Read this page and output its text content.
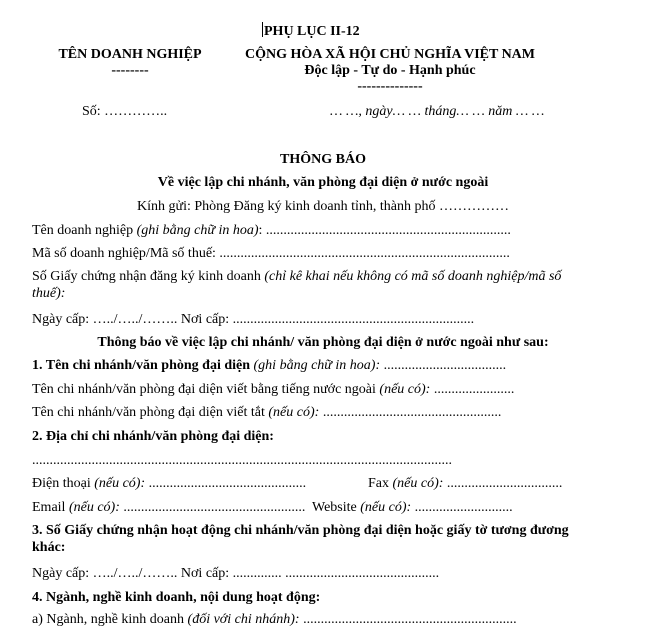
PHỤ LỤC II-12
TÊN DOANH NGHIỆP
--------
CỘNG HÒA XÃ HỘI CHỦ NGHĨA VIỆT NAM
Độc lập - Tự do - Hạnh phúc
--------------
Số: …………..	… …, ngày… … tháng… … năm … …
THÔNG BÁO
Về việc lập chi nhánh, văn phòng đại diện ở nước ngoài
Kính gửi: Phòng Đăng ký kinh doanh tỉnh, thành phố ……………
Tên doanh nghiệp (ghi bằng chữ in hoa): ......................................................................
Mã số doanh nghiệp/Mã số thuế: ...................................................................................
Số Giấy chứng nhận đăng ký kinh doanh (chỉ kê khai nếu không có mã số doanh nghiệp/mã số
thuế):
Ngày cấp: …../…../…….. Nơi cấp: .....................................................................
Thông báo về việc lập chi nhánh/ văn phòng đại diện ở nước ngoài như sau:
1. Tên chi nhánh/văn phòng đại diện (ghi bằng chữ in hoa): ...................................
Tên chi nhánh/văn phòng đại diện viết bằng tiếng nước ngoài (nếu có): .......................
Tên chi nhánh/văn phòng đại diện viết tắt (nếu có): ...................................................
2. Địa chỉ chi nhánh/văn phòng đại diện:
........................................................................................................................
Điện thoại (nếu có): .............................................	Fax (nếu có): .................................
Email (nếu có): .................................................... Website (nếu có): ............................
3. Số Giấy chứng nhận hoạt động chi nhánh/văn phòng đại diện hoặc giấy tờ tương đương
khác:
Ngày cấp: …../…../…….. Nơi cấp: .............. ............................................
4. Ngành, nghề kinh doanh, nội dung hoạt động:
a) Ngành, nghề kinh doanh (đối với chi nhánh): .............................................................
